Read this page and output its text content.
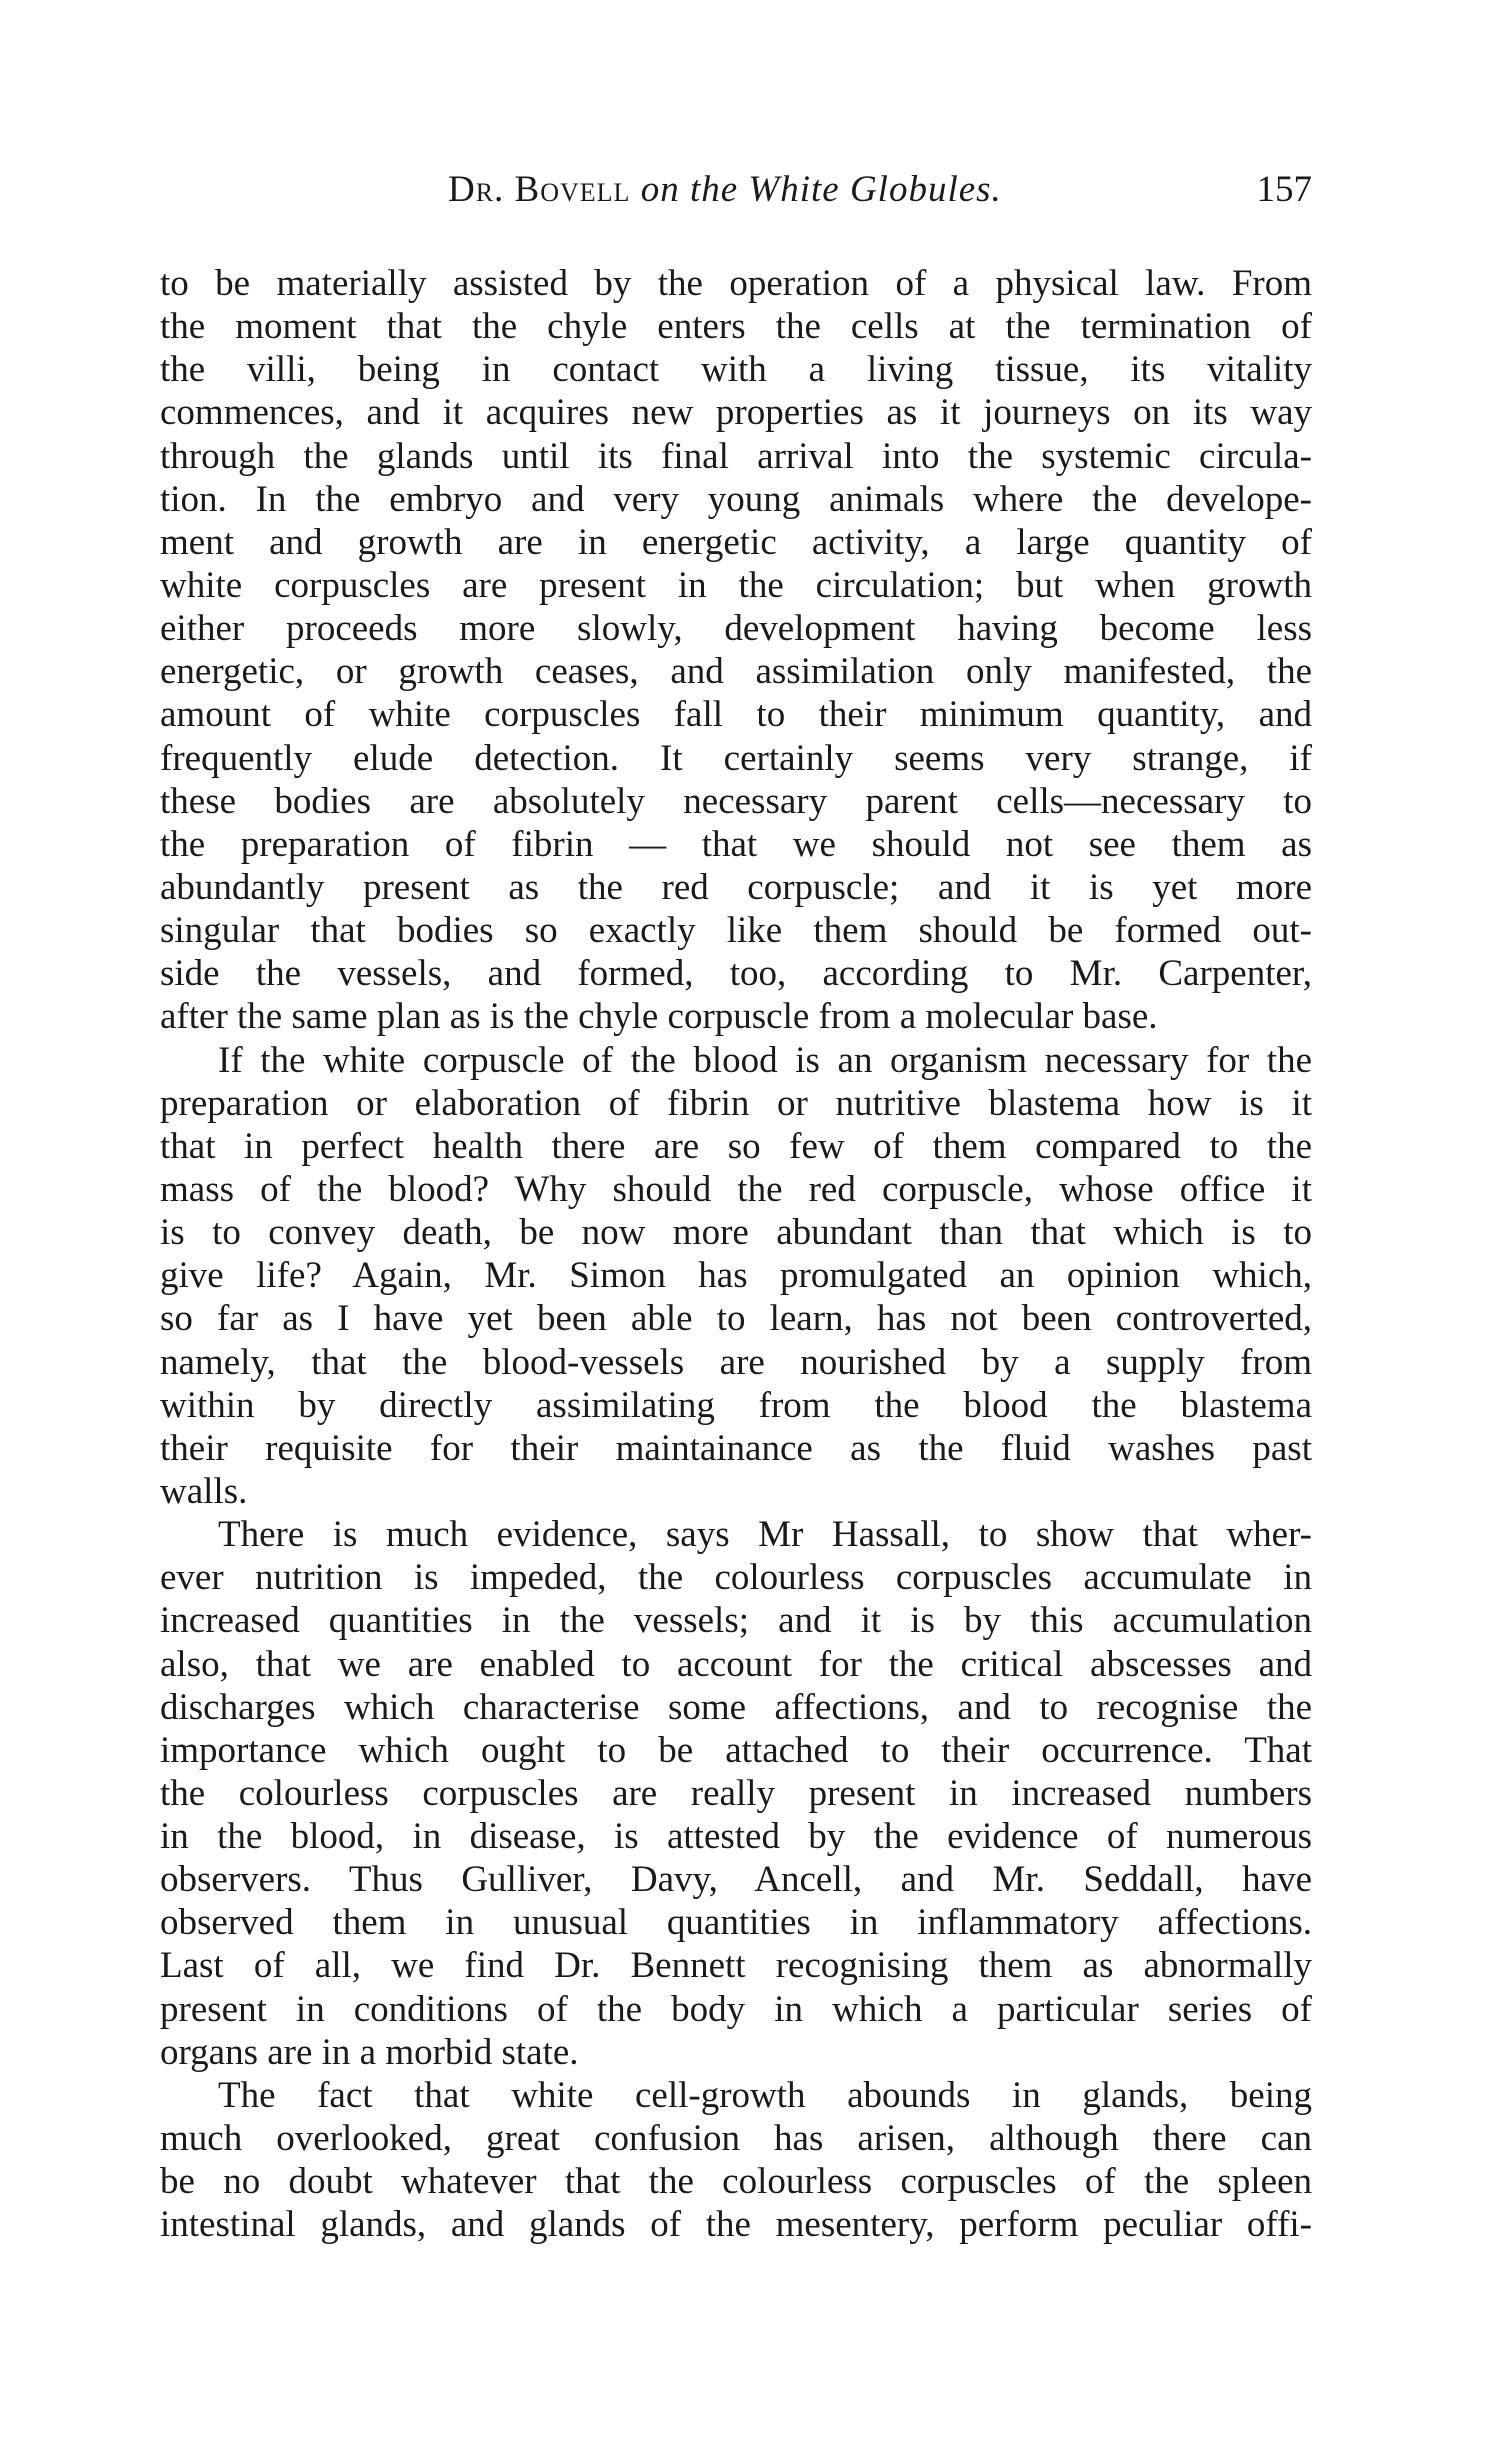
Dr. Bovell on the White Globules.	157
to be materially assisted by the operation of a physical law. From
the moment that the chyle enters the cells at the termination of
the villi, being in contact with a living tissue, its vitality
commences, and it acquires new properties as it journeys on its way
through the glands until its final arrival into the systemic circula-
tion. In the embryo and very young animals where the develope-
ment and growth are in energetic activity, a large quantity of
white corpuscles are present in the circulation; but when growth
either proceeds more slowly, development having become less
energetic, or growth ceases, and assimilation only manifested, the
amount of white corpuscles fall to their minimum quantity, and
frequently elude detection. It certainly seems very strange, if
these bodies are absolutely necessary parent cells—necessary to
the preparation of fibrin — that we should not see them as
abundantly present as the red corpuscle; and it is yet more
singular that bodies so exactly like them should be formed out-
side the vessels, and formed, too, according to Mr. Carpenter,
after the same plan as is the chyle corpuscle from a molecular base.
If the white corpuscle of the blood is an organism necessary for the
preparation or elaboration of fibrin or nutritive blastema how is it
that in perfect health there are so few of them compared to the
mass of the blood? Why should the red corpuscle, whose office it
is to convey death, be now more abundant than that which is to
give life? Again, Mr. Simon has promulgated an opinion which,
so far as I have yet been able to learn, has not been controverted,
namely, that the blood-vessels are nourished by a supply from
within by directly assimilating from the blood the blastema
their requisite for their maintainance as the fluid washes past
walls.
There is much evidence, says Mr Hassall, to show that wher-
ever nutrition is impeded, the colourless corpuscles accumulate in
increased quantities in the vessels; and it is by this accumulation
also, that we are enabled to account for the critical abscesses and
discharges which characterise some affections, and to recognise the
importance which ought to be attached to their occurrence. That
the colourless corpuscles are really present in increased numbers
in the blood, in disease, is attested by the evidence of numerous
observers. Thus Gulliver, Davy, Ancell, and Mr. Seddall, have
observed them in unusual quantities in inflammatory affections.
Last of all, we find Dr. Bennett recognising them as abnormally
present in conditions of the body in which a particular series of
organs are in a morbid state.
The fact that white cell-growth abounds in glands, being
much overlooked, great confusion has arisen, although there can
be no doubt whatever that the colourless corpuscles of the spleen
intestinal glands, and glands of the mesentery, perform peculiar offi-
